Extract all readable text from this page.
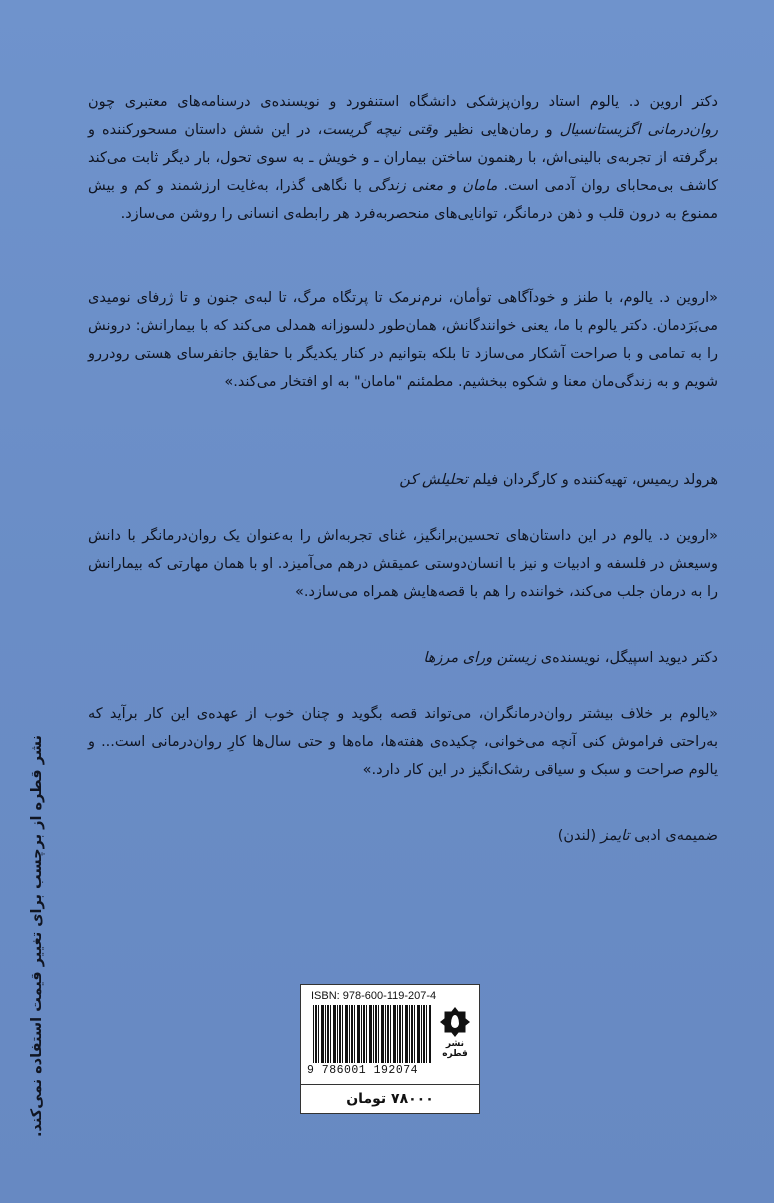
دکتر اروین د. یالوم استاد روان‌پزشکی دانشگاه استنفورد و نویسنده‌ی درسنامه‌های معتبری چون روان‌درمانی اگزیستانسیال و رمان‌هایی نظیر وقتی نیچه گریست، در این شش داستان مسحورکننده و برگرفته از تجربه‌ی بالینی‌اش، با رهنمون ساختن بیماران ـ و خویش ـ به سوی تحول، بار دیگر ثابت می‌کند کاشف بی‌محابای روان آدمی است. مامان و معنی زندگی با نگاهی گذرا، به‌غایت ارزشمند و کم و بیش ممنوع به درون قلب و ذهن درمانگر، توانایی‌های منحصربه‌فرد هر رابطه‌ی انسانی را روشن می‌سازد.

«اروین د. یالوم، با طنز و خودآگاهی توأمان، نرم‌نرمک تا پرتگاه مرگ، تا لبه‌ی جنون و تا ژرفای نومیدی می‌بَرَدمان. دکتر یالوم با ما، یعنی خوانندگانش، همان‌طور دلسوزانه همدلی می‌کند که با بیمارانش: درونش را به تمامی و با صراحت آشکار می‌سازد تا بلکه بتوانیم در کنار یکدیگر با حقایق جانفرسای هستی رودررو شویم و به زندگی‌مان معنا و شکوه ببخشیم. مطمئنم "مامان" به او افتخار می‌کند.»

هرولد ریمیس، تهیه‌کننده و کارگردان فیلم تحلیلش کن

«اروین د. یالوم در این داستان‌های تحسین‌برانگیز، غنای تجربه‌اش را به‌عنوان یک روان‌درمانگر با دانش وسیعش در فلسفه و ادبیات و نیز با انسان‌دوستی عمیقش درهم می‌آمیزد. او با همان مهارتی که بیمارانش را به درمان جلب می‌کند، خواننده را هم با قصه‌هایش همراه می‌سازد.»

دکتر دیوید اسپیگل، نویسنده‌ی زیستن ورای مرزها

«یالوم بر خلاف بیشتر روان‌درمانگران، می‌تواند قصه بگوید و چنان خوب از عهده‌ی این کار برآید که به‌راحتی فراموش کنی آنچه می‌خوانی، چکیده‌ی هفته‌ها، ماه‌ها و حتی سال‌ها کارِ روان‌درمانی است... و یالوم صراحت و سبک و سیاقی رشک‌انگیز در این کار دارد.»

ضمیمه‌ی ادبی تایمز (لندن)

نشر قطره از برچسب برای تغییر قیمت استفاده نمی‌کند.	ISBN: 978-600-119-207-4
9 786001 192074
نشر قطره
۷۸۰۰۰ تومان
